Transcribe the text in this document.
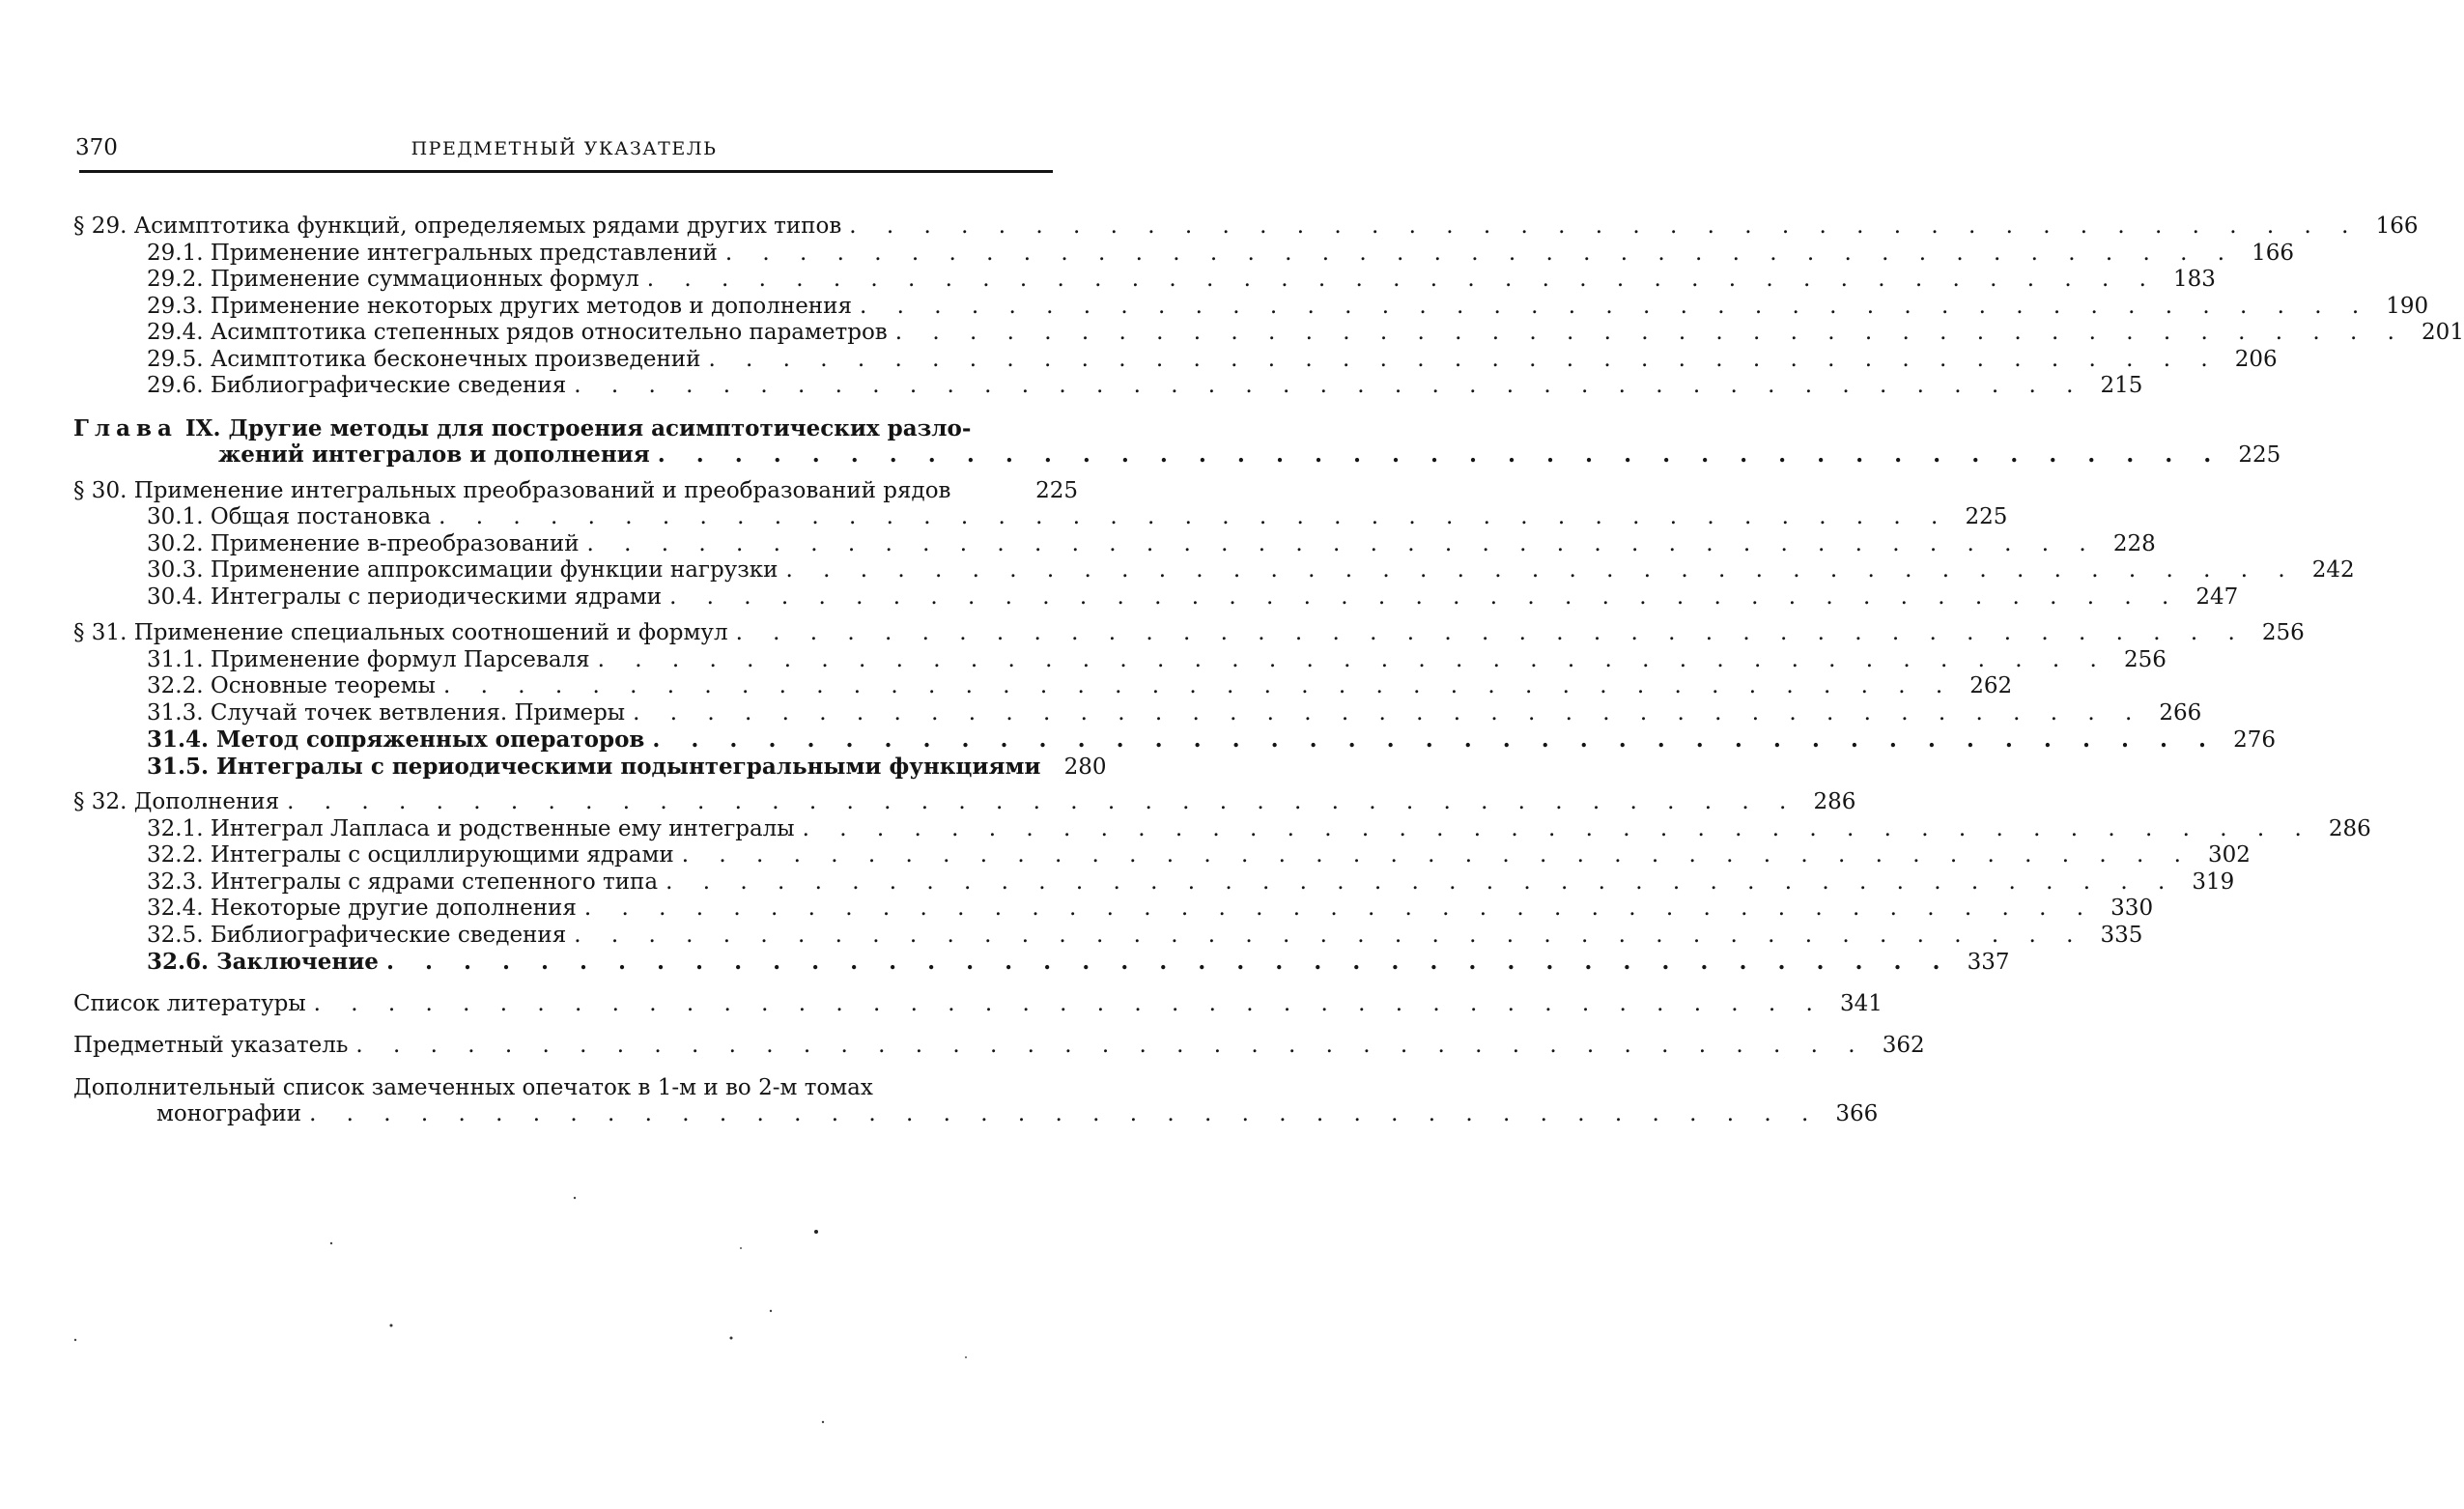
370	ПРЕДМЕТНЫЙ УКАЗАТЕЛЬ
§ 29. Асимптотика функций, определяемых рядами других типов . . . . . . . . . . . . . . . . . . . . . . . . . . . . . . . . . . . . . . . . . 166
29.1. Применение интегральных представлений . . . . . . . . . . . . . . . . . . . . . . . . . . . . . . . . . . . . . . . . . 166
29.2. Применение суммационных формул . . . . . . . . . . . . . . . . . . . . . . . . . . . . . . . . . . . . . . . . . 183
29.3. Применение некоторых других методов и дополнения . . . . . . . . . . . . . . . . . . . . . . . . . . . . . . . . . . . . . . . . . 190
29.4. Асимптотика степенных рядов относительно параметров . . . . . . . . . . . . . . . . . . . . . . . . . . . . . . . . . . . . . . . . . 201
29.5. Асимптотика бесконечных произведений . . . . . . . . . . . . . . . . . . . . . . . . . . . . . . . . . . . . . . . . . 206
29.6. Библиографические сведения . . . . . . . . . . . . . . . . . . . . . . . . . . . . . . . . . . . . . . . . . 215
Глава IX. Другие методы для построения асимптотических разло-
жений интегралов и дополнения . . . . . . . . . . . . . . . . . . . . . . . . . . . . . . . . . . . . . . . . . 225
§ 30. Применение интегральных преобразований и преобразований рядов	225
30.1. Общая постановка . . . . . . . . . . . . . . . . . . . . . . . . . . . . . . . . . . . . . . . . . 225
30.2. Применение в-преобразований . . . . . . . . . . . . . . . . . . . . . . . . . . . . . . . . . . . . . . . . . 228
30.3. Применение аппроксимации функции нагрузки . . . . . . . . . . . . . . . . . . . . . . . . . . . . . . . . . . . . . . . . . 242
30.4. Интегралы с периодическими ядрами . . . . . . . . . . . . . . . . . . . . . . . . . . . . . . . . . . . . . . . . . 247
§ 31. Применение специальных соотношений и формул . . . . . . . . . . . . . . . . . . . . . . . . . . . . . . . . . . . . . . . . . 256
31.1. Применение формул Парсеваля . . . . . . . . . . . . . . . . . . . . . . . . . . . . . . . . . . . . . . . . . 256
32.2. Основные теоремы . . . . . . . . . . . . . . . . . . . . . . . . . . . . . . . . . . . . . . . . . 262
31.3. Случай точек ветвления. Примеры . . . . . . . . . . . . . . . . . . . . . . . . . . . . . . . . . . . . . . . . . 266
31.4. Метод сопряженных операторов . . . . . . . . . . . . . . . . . . . . . . . . . . . . . . . . . . . . . . . . . 276
31.5. Интегралы с периодическими подынтегральными функциями	280
§ 32. Дополнения . . . . . . . . . . . . . . . . . . . . . . . . . . . . . . . . . . . . . . . . . 286
32.1. Интеграл Лапласа и родственные ему интегралы . . . . . . . . . . . . . . . . . . . . . . . . . . . . . . . . . . . . . . . . . 286
32.2. Интегралы с осциллирующими ядрами . . . . . . . . . . . . . . . . . . . . . . . . . . . . . . . . . . . . . . . . . 302
32.3. Интегралы с ядрами степенного типа . . . . . . . . . . . . . . . . . . . . . . . . . . . . . . . . . . . . . . . . . 319
32.4. Некоторые другие дополнения . . . . . . . . . . . . . . . . . . . . . . . . . . . . . . . . . . . . . . . . . 330
32.5. Библиографические сведения . . . . . . . . . . . . . . . . . . . . . . . . . . . . . . . . . . . . . . . . . 335
32.6. Заключение . . . . . . . . . . . . . . . . . . . . . . . . . . . . . . . . . . . . . . . . . 337
Список литературы . . . . . . . . . . . . . . . . . . . . . . . . . . . . . . . . . . . . . . . . . 341
Предметный указатель . . . . . . . . . . . . . . . . . . . . . . . . . . . . . . . . . . . . . . . . . 362
Дополнительный список замеченных опечаток в 1-м и во 2-м томах
монографии . . . . . . . . . . . . . . . . . . . . . . . . . . . . . . . . . . . . . . . . . 366
